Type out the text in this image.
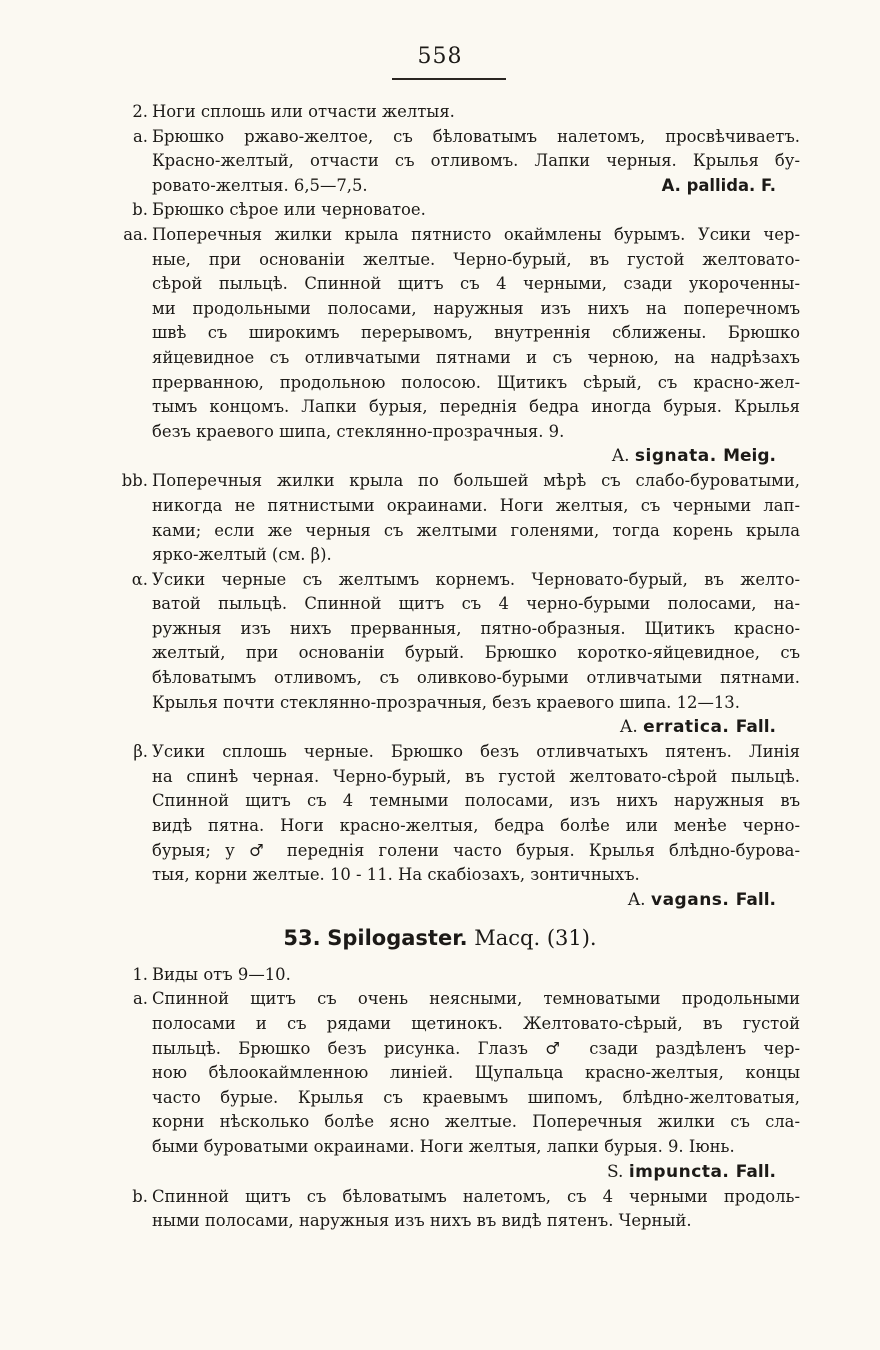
558
2. Ноги сплошь или отчасти желтыя.
a. Брюшко ржаво-желтое, съ бѣловатымъ налетомъ, просвѣчиваетъ.
Красно-желтый, отчасти съ отливомъ. Лапки черныя. Крылья бу-
ровато-желтыя. 6,5—7,5.	A. pallida. F.
b. Брюшко сѣрое или черноватое.
aa. Поперечныя жилки крыла пятнисто окаймлены бурымъ. Усики чер-
ные, при основанiи желтые. Черно-бурый, въ густой желтовато-
сѣрой пыльцѣ. Спинной щитъ съ 4 черными, сзади укороченны-
ми продольными полосами, наружныя изъ нихъ на поперечномъ
швѣ съ широкимъ перерывомъ, внутреннiя сближены. Брюшко
яйцевидное съ отливчатыми пятнами и съ черною, на надрѣзахъ
прерванною, продольною полосою. Щитикъ сѣрый, съ красно-жел-
тымъ концомъ. Лапки бурыя, переднiя бедра иногда бурыя. Крылья
безъ краевого шипа, стеклянно-прозрачныя. 9.
A. signata. Meig.
bb. Поперечныя жилки крыла по большей мѣрѣ съ слабо-буроватыми,
никогда не пятнистыми окраинами. Ноги желтыя, съ черными лап-
ками; если же черныя съ желтыми голенями, тогда корень крыла
ярко-желтый (см. β).
α. Усики черные съ желтымъ корнемъ. Черновато-бурый, въ желто-
ватой пыльцѣ. Спинной щитъ съ 4 черно-бурыми полосами, на-
ружныя изъ нихъ прерванныя, пятно-образныя. Щитикъ красно-
желтый, при основанiи бурый. Брюшко коротко-яйцевидное, съ
бѣловатымъ отливомъ, съ оливково-бурыми отливчатыми пятнами.
Крылья почти стеклянно-прозрачныя, безъ краевого шипа. 12—13.
A. erratica. Fall.
β. Усики сплошь черные. Брюшко безъ отливчатыхъ пятенъ. Линiя
на спинѣ черная. Черно-бурый, въ густой желтовато-сѣрой пыльцѣ.
Спинной щитъ съ 4 темными полосами, изъ нихъ наружныя въ
видѣ пятна. Ноги красно-желтыя, бедра болѣе или менѣе черно-
бурыя; у ♂ переднiя голени часто бурыя. Крылья блѣдно-бурова-
тыя, корни желтые. 10 - 11. На скабiозахъ, зонтичныхъ.
A. vagans. Fall.
53. Spilogaster. Macq. (31).
1. Виды отъ 9—10.
a. Спинной щитъ съ очень неясными, темноватыми продольными
полосами и съ рядами щетинокъ. Желтовато-сѣрый, въ густой
пыльцѣ. Брюшко безъ рисунка. Глазъ ♂ сзади раздѣленъ чер-
ною бѣлоокаймленною линiей. Щупальца красно-желтыя, концы
часто бурые. Крылья съ краевымъ шипомъ, блѣдно-желтоватыя,
корни нѣсколько болѣе ясно желтые. Поперечныя жилки съ сла-
быми буроватыми окраинами. Ноги желтыя, лапки бурыя. 9. Iюнь.
S. impuncta. Fall.
b. Спинной щитъ съ бѣловатымъ налетомъ, съ 4 черными продоль-
ными полосами, наружныя изъ нихъ въ видѣ пятенъ. Черный.
